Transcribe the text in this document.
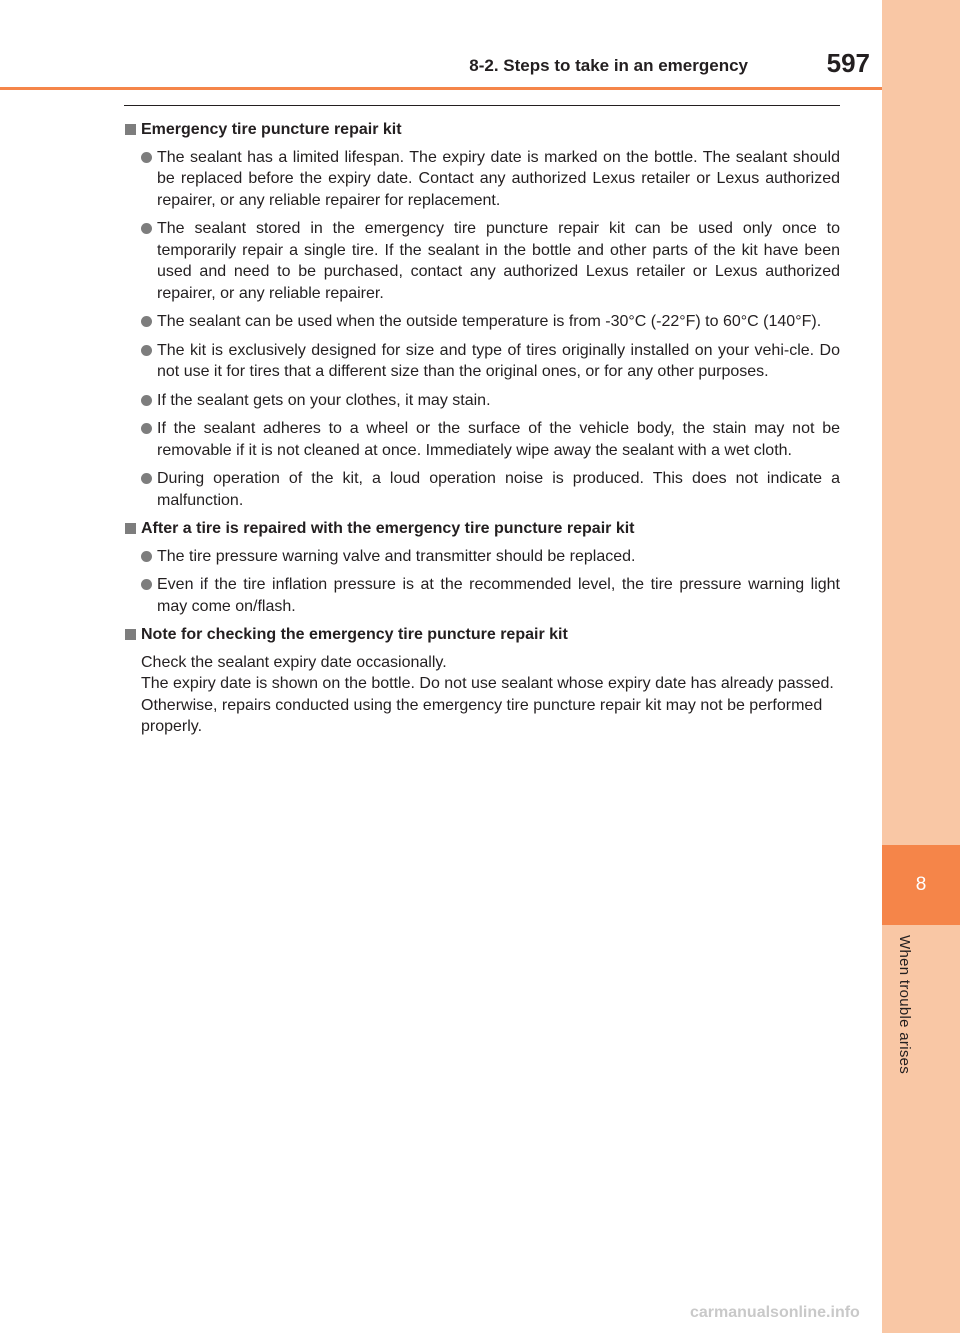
8
When trouble arises
8-2. Steps to take in an emergency	597
Emergency tire puncture repair kit
The sealant has a limited lifespan. The expiry date is marked on the bottle. The sealant should be replaced before the expiry date. Contact any authorized Lexus retailer or Lexus authorized repairer, or any reliable repairer for replacement.
The sealant stored in the emergency tire puncture repair kit can be used only once to temporarily repair a single tire. If the sealant in the bottle and other parts of the kit have been used and need to be purchased, contact any authorized Lexus retailer or Lexus authorized repairer, or any reliable repairer.
The sealant can be used when the outside temperature is from -30°C (-22°F) to 60°C (140°F).
The kit is exclusively designed for size and type of tires originally installed on your vehi-cle. Do not use it for tires that a different size than the original ones, or for any other purposes.
If the sealant gets on your clothes, it may stain.
If the sealant adheres to a wheel or the surface of the vehicle body, the stain may not be removable if it is not cleaned at once. Immediately wipe away the sealant with a wet cloth.
During operation of the kit, a loud operation noise is produced. This does not indicate a malfunction.
After a tire is repaired with the emergency tire puncture repair kit
The tire pressure warning valve and transmitter should be replaced.
Even if the tire inflation pressure is at the recommended level, the tire pressure warning light may come on/flash.
Note for checking the emergency tire puncture repair kit
Check the sealant expiry date occasionally.
The expiry date is shown on the bottle. Do not use sealant whose expiry date has already passed. Otherwise, repairs conducted using the emergency tire puncture repair kit may not be performed properly.
carmanualsonline.info
